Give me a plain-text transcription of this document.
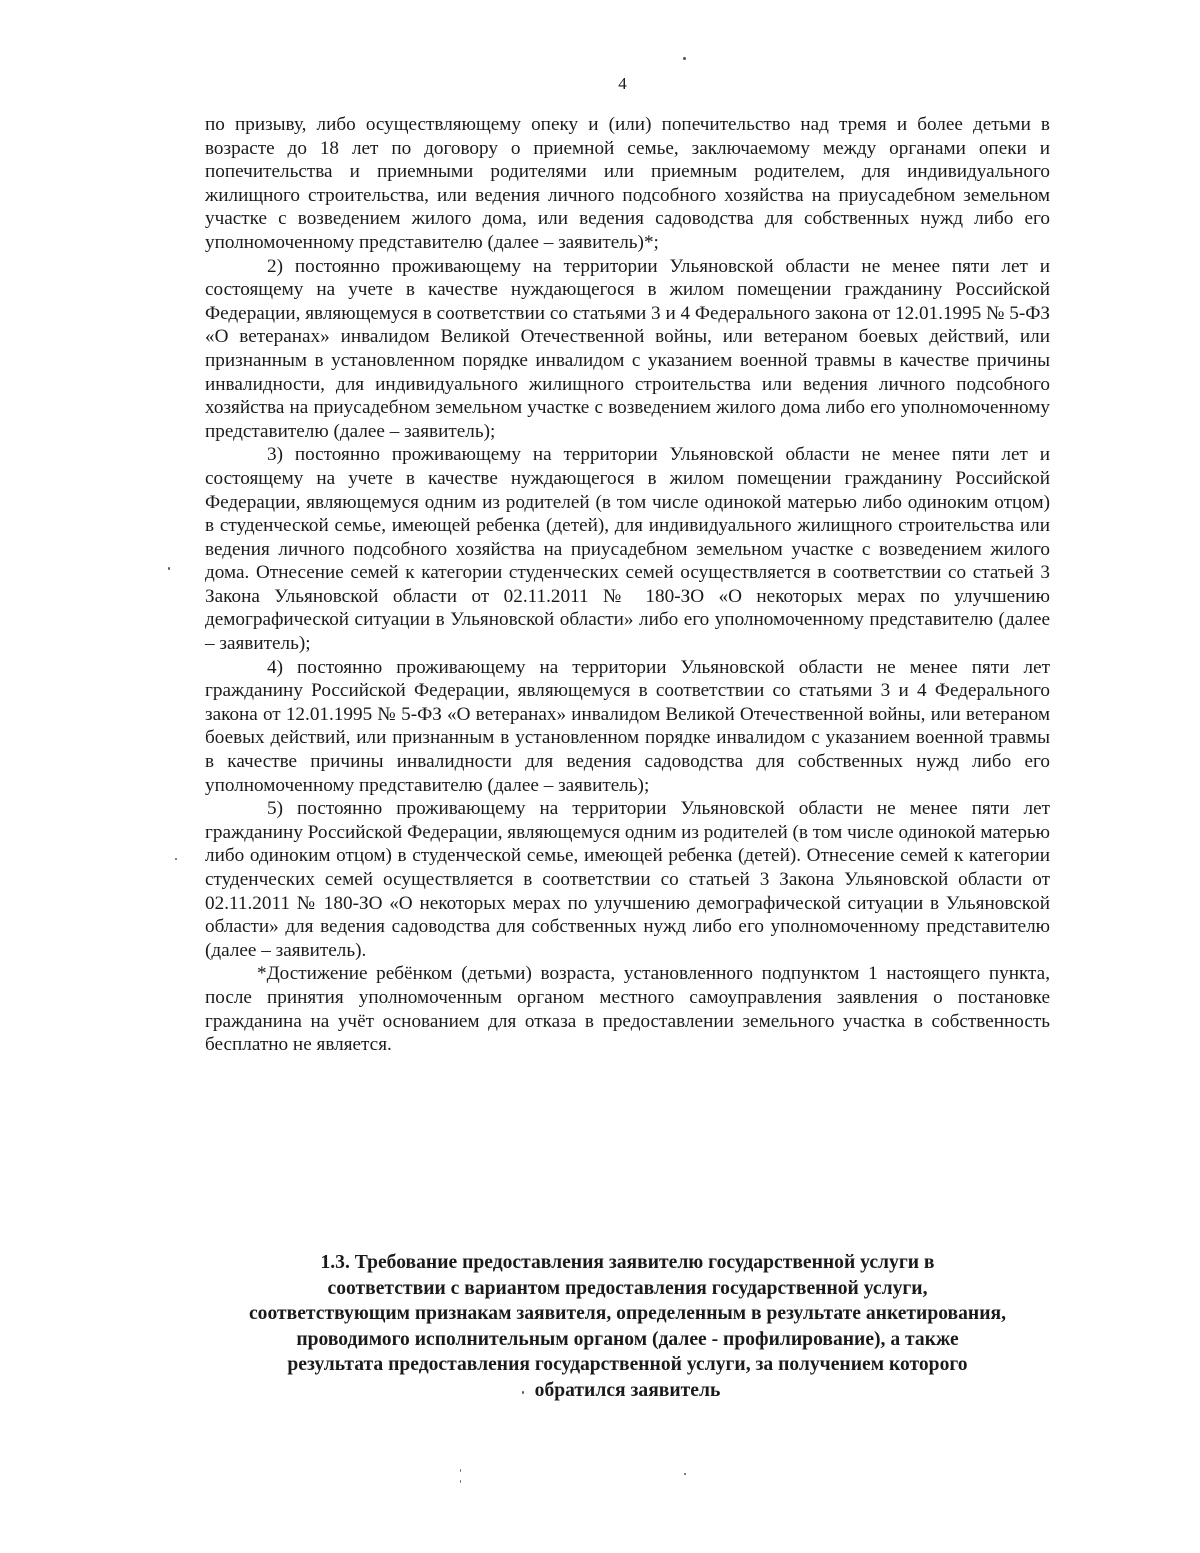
4

по призыву, либо осуществляющему опеку и (или) попечительство над тремя и более детьми в возрасте до 18 лет по договору о приемной семье, заключаемому между органами опеки и попечительства и приемными родителями или приемным родителем, для индивидуального жилищного строительства, или ведения личного подсобного хозяйства на приусадебном земельном участке с возведением жилого дома, или ведения садоводства для собственных нужд либо его уполномоченному представителю (далее – заявитель)*;

2) постоянно проживающему на территории Ульяновской области не менее пяти лет и состоящему на учете в качестве нуждающегося в жилом помещении гражданину Российской Федерации, являющемуся в соответствии со статьями 3 и 4 Федерального закона от 12.01.1995 № 5-ФЗ «О ветеранах» инвалидом Великой Отечественной войны, или ветераном боевых действий, или признанным в установленном порядке инвалидом с указанием военной травмы в качестве причины инвалидности, для индивидуального жилищного строительства или ведения личного подсобного хозяйства на приусадебном земельном участке с возведением жилого дома либо его уполномоченному представителю (далее – заявитель);

3) постоянно проживающему на территории Ульяновской области не менее пяти лет и состоящему на учете в качестве нуждающегося в жилом помещении гражданину Российской Федерации, являющемуся одним из родителей (в том числе одинокой матерью либо одиноким отцом) в студенческой семье, имеющей ребенка (детей), для индивидуального жилищного строительства или ведения личного подсобного хозяйства на приусадебном земельном участке с возведением жилого дома. Отнесение семей к категории студенческих семей осуществляется в соответствии со статьей 3 Закона Ульяновской области от 02.11.2011 № 180-ЗО «О некоторых мерах по улучшению демографической ситуации в Ульяновской области» либо его уполномоченному представителю (далее – заявитель);

4) постоянно проживающему на территории Ульяновской области не менее пяти лет гражданину Российской Федерации, являющемуся в соответствии со статьями 3 и 4 Федерального закона от 12.01.1995 № 5-ФЗ «О ветеранах» инвалидом Великой Отечественной войны, или ветераном боевых действий, или признанным в установленном порядке инвалидом с указанием военной травмы в качестве причины инвалидности для ведения садоводства для собственных нужд либо его уполномоченному представителю (далее – заявитель);

5) постоянно проживающему на территории Ульяновской области не менее пяти лет гражданину Российской Федерации, являющемуся одним из родителей (в том числе одинокой матерью либо одиноким отцом) в студенческой семье, имеющей ребенка (детей). Отнесение семей к категории студенческих семей осуществляется в соответствии со статьей 3 Закона Ульяновской области от 02.11.2011 № 180-ЗО «О некоторых мерах по улучшению демографической ситуации в Ульяновской области» для ведения садоводства для собственных нужд либо его уполномоченному представителю (далее – заявитель).

*Достижение ребёнком (детьми) возраста, установленного подпунктом 1 настоящего пункта, после принятия уполномоченным органом местного самоуправления заявления о постановке гражданина на учёт основанием для отказа в предоставлении земельного участка в собственность бесплатно не является.

1.3. Требование предоставления заявителю государственной услуги в
соответствии с вариантом предоставления государственной услуги,
соответствующим признакам заявителя, определенным в результате анкетирования,
проводимого исполнительным органом (далее - профилирование), а также
результата предоставления государственной услуги, за получением которого
обратился заявитель
